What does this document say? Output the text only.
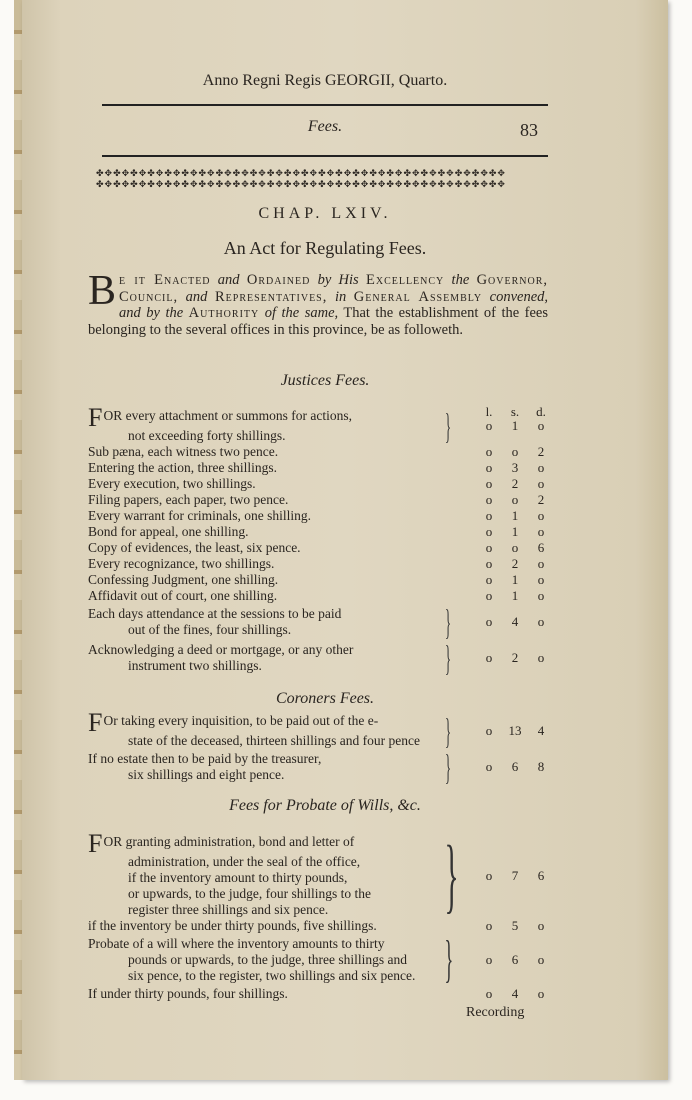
Anno Regni Regis GEORGII, Quarto.
Fees.	83
✤✥✤✥✤✥✤✥✤✥✤✥✤✥✤✥✤✥✤✥✤✥✤✥✤✥✤✥✤✥✤✥✤✥✤✥✤✥✤✥✤✥✤✥✤✥✤✥
✤✥✤✥✤✥✤✥✤✥✤✥✤✥✤✥✤✥✤✥✤✥✤✥✤✥✤✥✤✥✤✥✤✥✤✥✤✥✤✥✤✥✤✥✤✥✤✥
CHAP. LXIV.
An Act for Regulating Fees.
Be it Enacted and Ordained by His Excellency the Governor, Council, and Representatives, in General Assembly convened, and by the Authority of the same, That the establishment of the fees belonging to the several offices in this province, be as followeth.
Justices Fees.
l.	s.	d.
FOR every attachment or summons for actions,
not exceeding forty shillings.	}	o	1	o
Sub pæna, each witness two pence.	o	o	2
Entering the action, three shillings.	o	3	o
Every execution, two shillings.	o	2	o
Filing papers, each paper, two pence.	o	o	2
Every warrant for criminals, one shilling.	o	1	o
Bond for appeal, one shilling.	o	1	o
Copy of evidences, the least, six pence.	o	o	6
Every recognizance, two shillings.	o	2	o
Confessing Judgment, one shilling.	o	1	o
Affidavit out of court, one shilling.	o	1	o
Each days attendance at the sessions to be paid
out of the fines, four shillings.	}	o	4	o
Acknowledging a deed or mortgage, or any other
instrument two shillings.	}	o	2	o
Coroners Fees.
FOr taking every inquisition, to be paid out of the e-
state of the deceased, thirteen shillings and four pence }	o	13	4
If no estate then to be paid by the treasurer,
six shillings and eight pence.	}	o	6	8
Fees for Probate of Wills, &c.
FOR granting administration, bond and letter of
administration, under the seal of the office,
if the inventory amount to thirty pounds,
or upwards, to the judge, four shillings to the
register three shillings and six pence.	}	o	7	6
if the inventory be under thirty pounds, five shillings.	o	5	o
Probate of a will where the inventory amounts to thirty
pounds or upwards, to the judge, three shillings and
six pence, to the register, two shillings and six pence. }	o	6	o
If under thirty pounds, four shillings.	o	4	o
Recording
